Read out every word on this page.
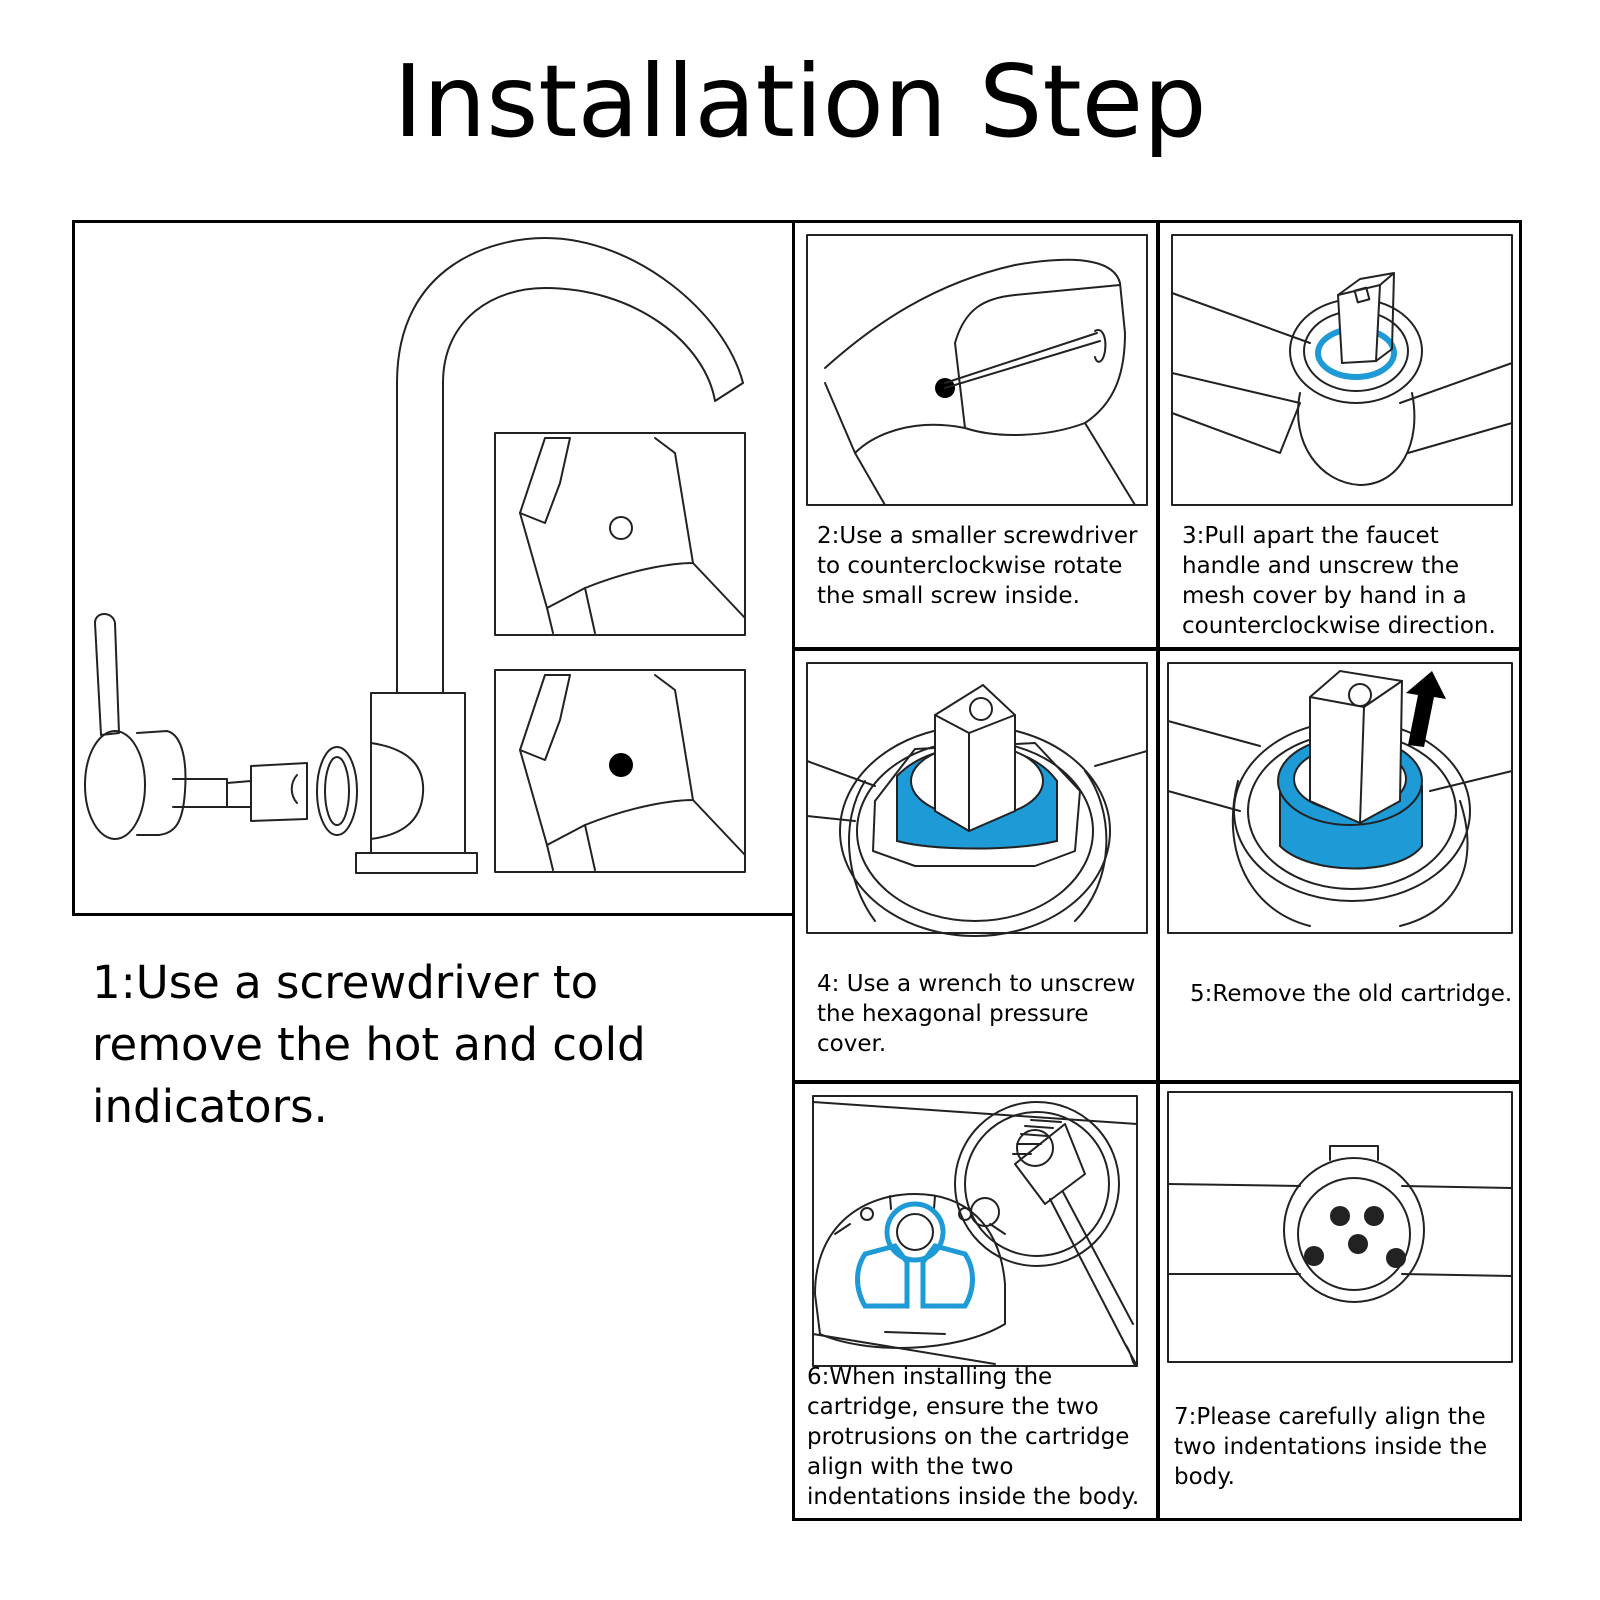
Installation Step
1:Use a screwdriver to remove the hot and cold indicators.
2:Use a smaller screwdriver to counterclockwise rotate the small screw inside.
3:Pull apart the faucet handle and unscrew the mesh cover by hand in a counterclockwise direction.
4: Use a wrench to unscrew the hexagonal pressure cover.
5:Remove the old cartridge.
6:When installing the cartridge, ensure the two protrusions on the cartridge align with the two indentations inside the body.
7:Please carefully align the two indentations inside the body.
